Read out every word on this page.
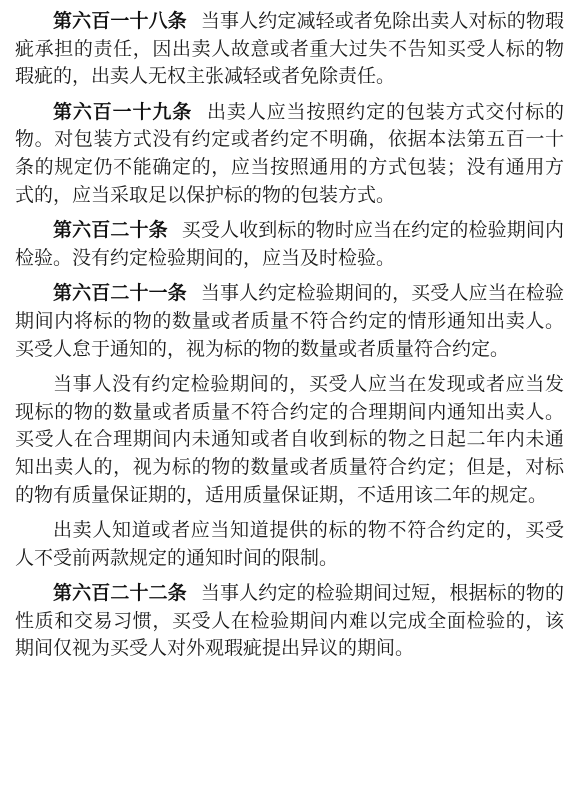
第六百一十八条 当事人约定减轻或者免除出卖人对标的物瑕疵承担的责任，因出卖人故意或者重大过失不告知买受人标的物瑕疵的，出卖人无权主张减轻或者免除责任。

第六百一十九条 出卖人应当按照约定的包装方式交付标的物。对包装方式没有约定或者约定不明确，依据本法第五百一十条的规定仍不能确定的，应当按照通用的方式包装；没有通用方式的，应当采取足以保护标的物的包装方式。

第六百二十条 买受人收到标的物时应当在约定的检验期间内检验。没有约定检验期间的，应当及时检验。

第六百二十一条 当事人约定检验期间的，买受人应当在检验期间内将标的物的数量或者质量不符合约定的情形通知出卖人。买受人怠于通知的，视为标的物的数量或者质量符合约定。

当事人没有约定检验期间的，买受人应当在发现或者应当发现标的物的数量或者质量不符合约定的合理期间内通知出卖人。买受人在合理期间内未通知或者自收到标的物之日起二年内未通知出卖人的，视为标的物的数量或者质量符合约定；但是，对标的物有质量保证期的，适用质量保证期，不适用该二年的规定。

出卖人知道或者应当知道提供的标的物不符合约定的，买受人不受前两款规定的通知时间的限制。

第六百二十二条 当事人约定的检验期间过短，根据标的物的性质和交易习惯，买受人在检验期间内难以完成全面检验的，该期间仅视为买受人对外观瑕疵提出异议的期间。
